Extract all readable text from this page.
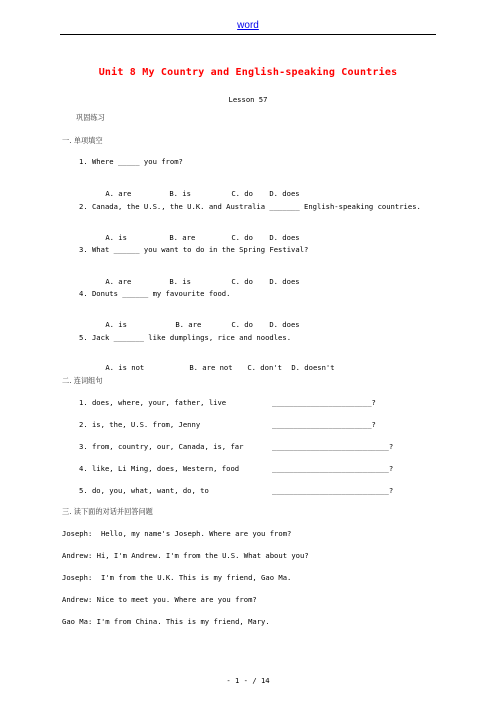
word
Unit 8 My Country and English-speaking Countries
Lesson 57
巩固练习
一. 单项填空
1. Where _____ you from?

A. are	B. is	C. do D. does

2. Canada, the U.S., the U.K. and Australia _______ English-speaking countries.

A. is	B. are	C. do D. does

3. What ______ you want to do in the Spring Festival?

A. are	B. is	C. do D. does

4. Donuts ______ my favourite food.

A. is	B. are	C. do D. does

5. Jack _______ like dumplings, rice and noodles.

A. is not	B. are not C. don't D. doesn't

二. 连词组句
1. does, where, your, father, live	_______________________?
2. is, the, U.S. from, Jenny	_______________________?
3. from, country, our, Canada, is, far	___________________________?
4. like, Li Ming, does, Western, food	___________________________?
5. do, you, what, want, do, to	___________________________?
三. 读下面的对话并回答问题
Joseph:  Hello, my name's Joseph. Where are you from?
Andrew: Hi, I'm Andrew. I'm from the U.S. What about you?
Joseph:  I'm from the U.K. This is my friend, Gao Ma.
Andrew: Nice to meet you. Where are you from?
Gao Ma: I'm from China. This is my friend, Mary.
- 1 - / 14
